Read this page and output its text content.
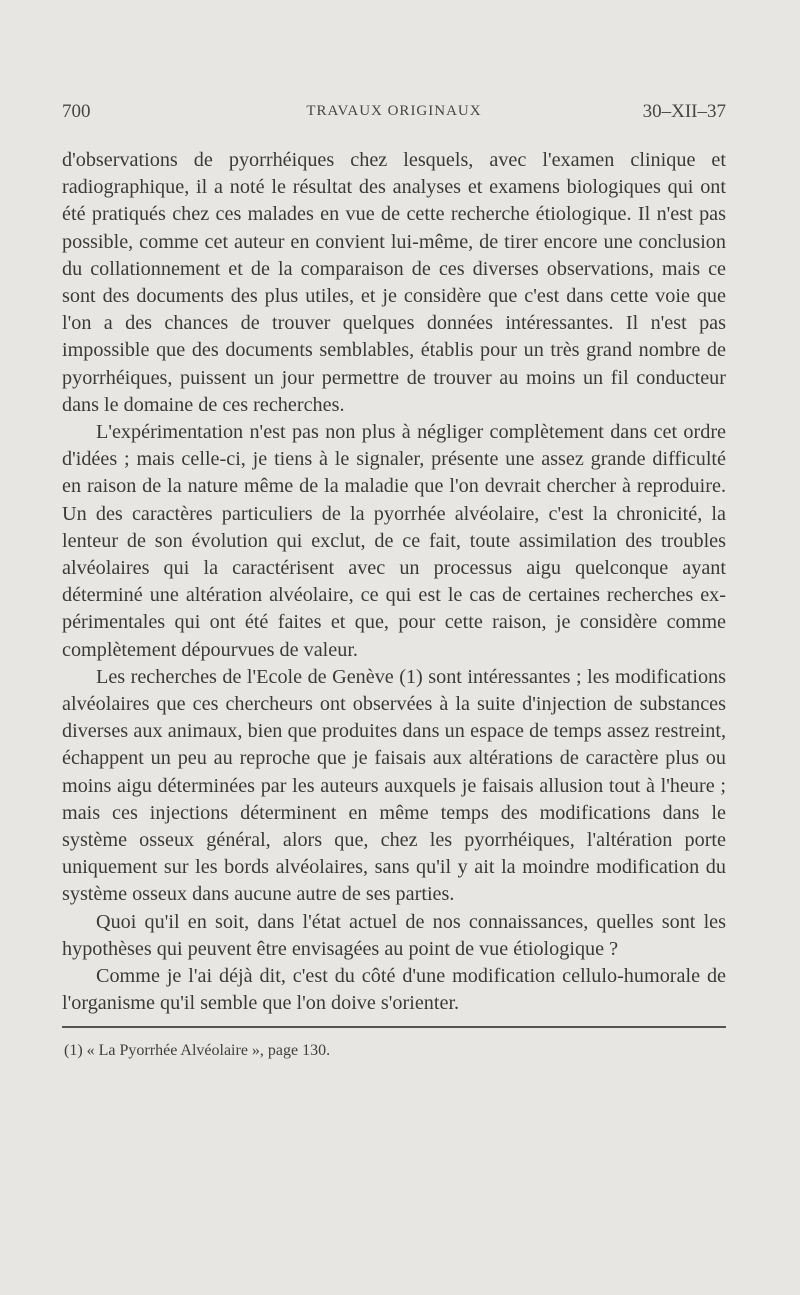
700	TRAVAUX ORIGINAUX	30–XII–37

d'observations de pyorrhéiques chez lesquels, avec l'examen clinique et radiographique, il a noté le résultat des analyses et examens biologiques qui ont été pratiqués chez ces malades en vue de cette recherche étiologique. Il n'est pas possible, comme cet auteur en convient lui-même, de tirer encore une conclusion du collationnement et de la comparaison de ces diverses observations, mais ce sont des documents des plus utiles, et je considère que c'est dans cette voie que l'on a des chances de trouver quelques données intéressantes. Il n'est pas impossible que des documents semblables, établis pour un très grand nombre de pyorrhéiques, puissent un jour permettre de trouver au moins un fil conducteur dans le domaine de ces recherches.

L'expérimentation n'est pas non plus à négliger complètement dans cet ordre d'idées ; mais celle-ci, je tiens à le signaler, présente une assez grande difficulté en raison de la nature même de la maladie que l'on devrait chercher à reproduire. Un des caractères particuliers de la pyorrhée alvéolaire, c'est la chronicité, la lenteur de son évolution qui exclut, de ce fait, toute assimilation des troubles alvéolaires qui la caractérisent avec un processus aigu quelconque ayant déterminé une altération alvéolaire, ce qui est le cas de certaines recherches expérimentales qui ont été faites et que, pour cette raison, je considère comme complètement dépourvues de valeur.

Les recherches de l'Ecole de Genève (1) sont intéressantes ; les modifications alvéolaires que ces chercheurs ont observées à la suite d'injection de substances diverses aux animaux, bien que produites dans un espace de temps assez restreint, échappent un peu au reproche que je faisais aux altérations de caractère plus ou moins aigu déterminées par les auteurs auxquels je faisais allusion tout à l'heure ; mais ces injections déterminent en même temps des modifications dans le système osseux général, alors que, chez les pyorrhéiques, l'altération porte uniquement sur les bords alvéolaires, sans qu'il y ait la moindre modification du système osseux dans aucune autre de ses parties.

Quoi qu'il en soit, dans l'état actuel de nos connaissances, quelles sont les hypothèses qui peuvent être envisagées au point de vue étiologique ?

Comme je l'ai déjà dit, c'est du côté d'une modification cellulo-humorale de l'organisme qu'il semble que l'on doive s'orienter.

(1) « La Pyorrhée Alvéolaire », page 130.
